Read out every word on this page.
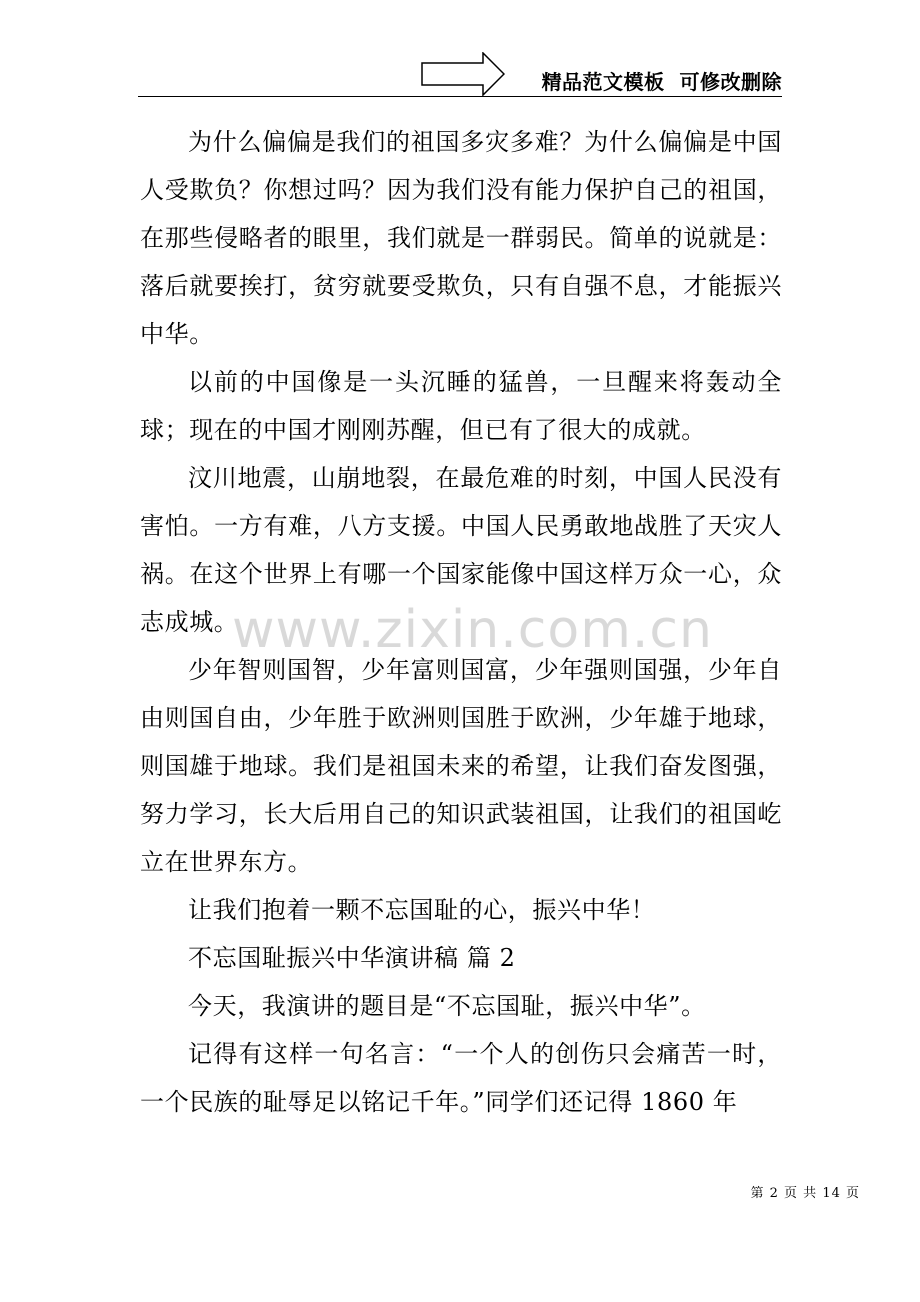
精品范文模板  可修改删除

为什么偏偏是我们的祖国多灾多难？为什么偏偏是中国人受欺负？你想过吗？因为我们没有能力保护自己的祖国，在那些侵略者的眼里，我们就是一群弱民。简单的说就是：落后就要挨打，贫穷就要受欺负，只有自强不息，才能振兴中华。

以前的中国像是一头沉睡的猛兽，一旦醒来将轰动全球；现在的中国才刚刚苏醒，但已有了很大的成就。

汶川地震，山崩地裂，在最危难的时刻，中国人民没有害怕。一方有难，八方支援。中国人民勇敢地战胜了天灾人祸。在这个世界上有哪一个国家能像中国这样万众一心，众志成城。

少年智则国智，少年富则国富，少年强则国强，少年自由则国自由，少年胜于欧洲则国胜于欧洲，少年雄于地球，则国雄于地球。我们是祖国未来的希望，让我们奋发图强，努力学习，长大后用自己的知识武装祖国，让我们的祖国屹立在世界东方。

让我们抱着一颗不忘国耻的心，振兴中华！

不忘国耻振兴中华演讲稿 篇 2

今天，我演讲的题目是“不忘国耻，振兴中华”。

记得有这样一句名言：“一个人的创伤只会痛苦一时，一个民族的耻辱足以铭记千年。”同学们还记得 1860 年

www.zixin.com.cn
第 2 页 共 14 页
